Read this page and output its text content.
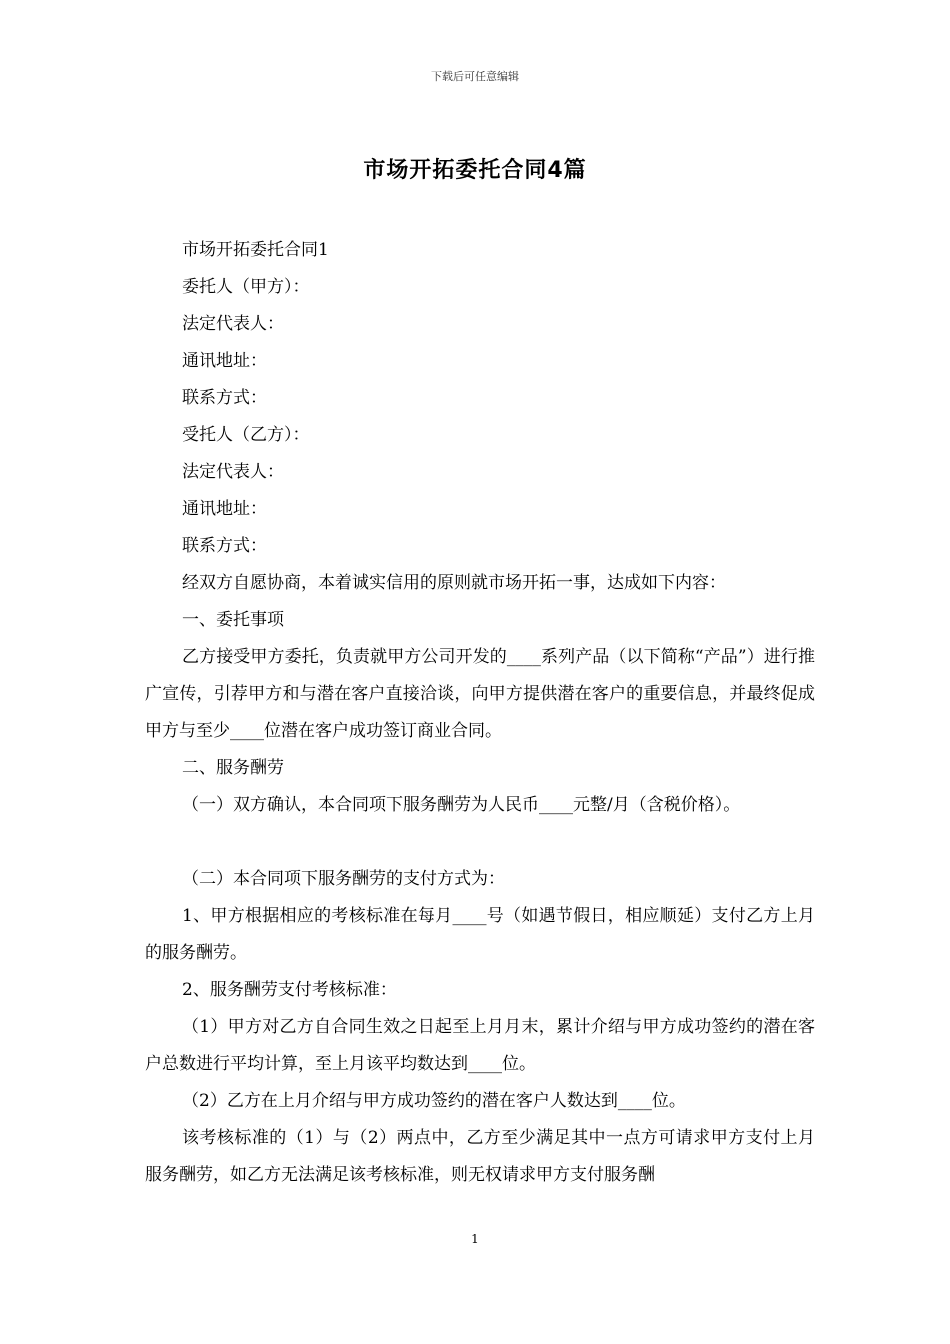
下载后可任意编辑
市场开拓委托合同4篇

市场开拓委托合同1

委托人（甲方）：

法定代表人：

通讯地址：

联系方式：

受托人（乙方）：

法定代表人：

通讯地址：

联系方式：

经双方自愿协商，本着诚实信用的原则就市场开拓一事，达成如下内容：

一、委托事项

乙方接受甲方委托，负责就甲方公司开发的____系列产品（以下简称“产品”）进行推广宣传，引荐甲方和与潜在客户直接洽谈，向甲方提供潜在客户的重要信息，并最终促成甲方与至少____位潜在客户成功签订商业合同。

二、服务酬劳

（一）双方确认，本合同项下服务酬劳为人民币____元整/月（含税价格）。

（二）本合同项下服务酬劳的支付方式为：

1、甲方根据相应的考核标准在每月____号（如遇节假日，相应顺延）支付乙方上月的服务酬劳。

2、服务酬劳支付考核标准：

（1）甲方对乙方自合同生效之日起至上月月末，累计介绍与甲方成功签约的潜在客户总数进行平均计算，至上月该平均数达到____位。

（2）乙方在上月介绍与甲方成功签约的潜在客户人数达到____位。

该考核标准的（1）与（2）两点中，乙方至少满足其中一点方可请求甲方支付上月服务酬劳，如乙方无法满足该考核标准，则无权请求甲方支付服务酬

1
